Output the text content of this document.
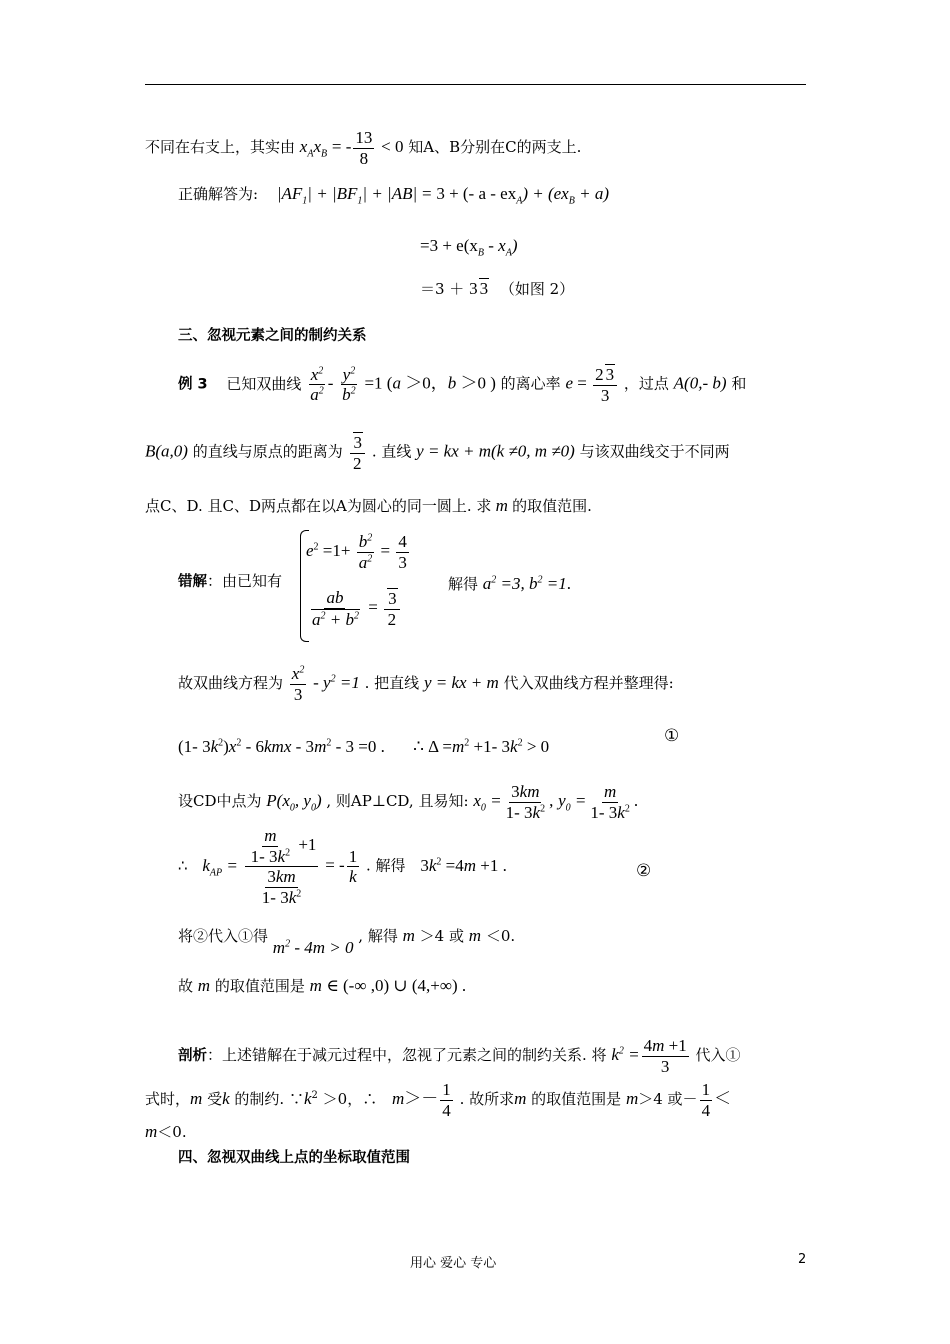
不同在右支上，其实由 $x_Ax_B$ = - $\frac{13}{8} < 0$ 知A、B分别在C的两支上.
正确解答为: $|AF_1| + |BF_1| + |AB| = 3$ + (- $a - ex_A) + (ex_B + a)$
$=3 + e(x_B - x_A)$
＝3 ＋ 3 3 （如图 2）
三、忽视元素之间的制约关系
例 3 已知双曲线 $\frac{x^2}{a^2} - \frac{y^2}{b^2} =1$ (a ＞0，b ＞0 ) 的离心率 $e = \frac{2 3}{3}$ ，过点 A(0,- b) 和
B(a,0) 的直线与原点的距离为 $\frac{3}{2}$ . 直线 y = kx + m(k ≠0, m ≠0) 与该双曲线交于不同两
点C、D. 且C、D两点都在以A为圆心的同一圆上. 求 m 的取值范围.
错解：由已知有
$e^2 =1+ \frac{b^2}{a^2} = \frac{4}{3}$
$\frac{ab}{a^2 + b^2} = \frac{3}{2}$
解得 $a^2 =3$, $b^2 =1$.
故双曲线方程为 $\frac{x^2}{3} - y^2 =1$ . 把直线 y = kx + m 代入双曲线方程并整理得:
(1- $3k^2)x^2 - 6kmx - 3m^2 - 3 =0$ . ∴ $\Delta =m^2 +1-$ $3k^2 > 0$
①
设CD中点为 $P(x_0$, $y_0$) , 则AP⊥CD, 且易知: $x_0 = \frac{3km}{1- 3k^2}$ , $y_0 = \frac{m}{1- 3k^2}$ .
∴ $k_{AP} = \frac{\frac{m}{1- 3k^2} +1}{\frac{3km}{1- 3k^2}}$ = - $\frac{1}{k}$ . 解得 $3k^2 =4m +1$ .	②
将②代入①得 $m^2 - 4m > 0$ , 解得 m ＞4 或 m ＜0.
故 m 的取值范围是 m ∈ (-∞ ,0) ∪ (4,+∞) .
剖析：上述错解在于减元过程中，忽视了元素之间的制约关系. 将 $k^2 = \frac{4m +1}{3}$ 代入①
式时，m 受k 的制约. $\because k^2 >0$，∴ $m>- \frac{1}{4}$ . 故所求m 的取值范围是 m＞4 或－ $\frac{1}{4}$ ＜
m＜0.
四、忽视双曲线上点的坐标取值范围
用心 爱心 专心	2
